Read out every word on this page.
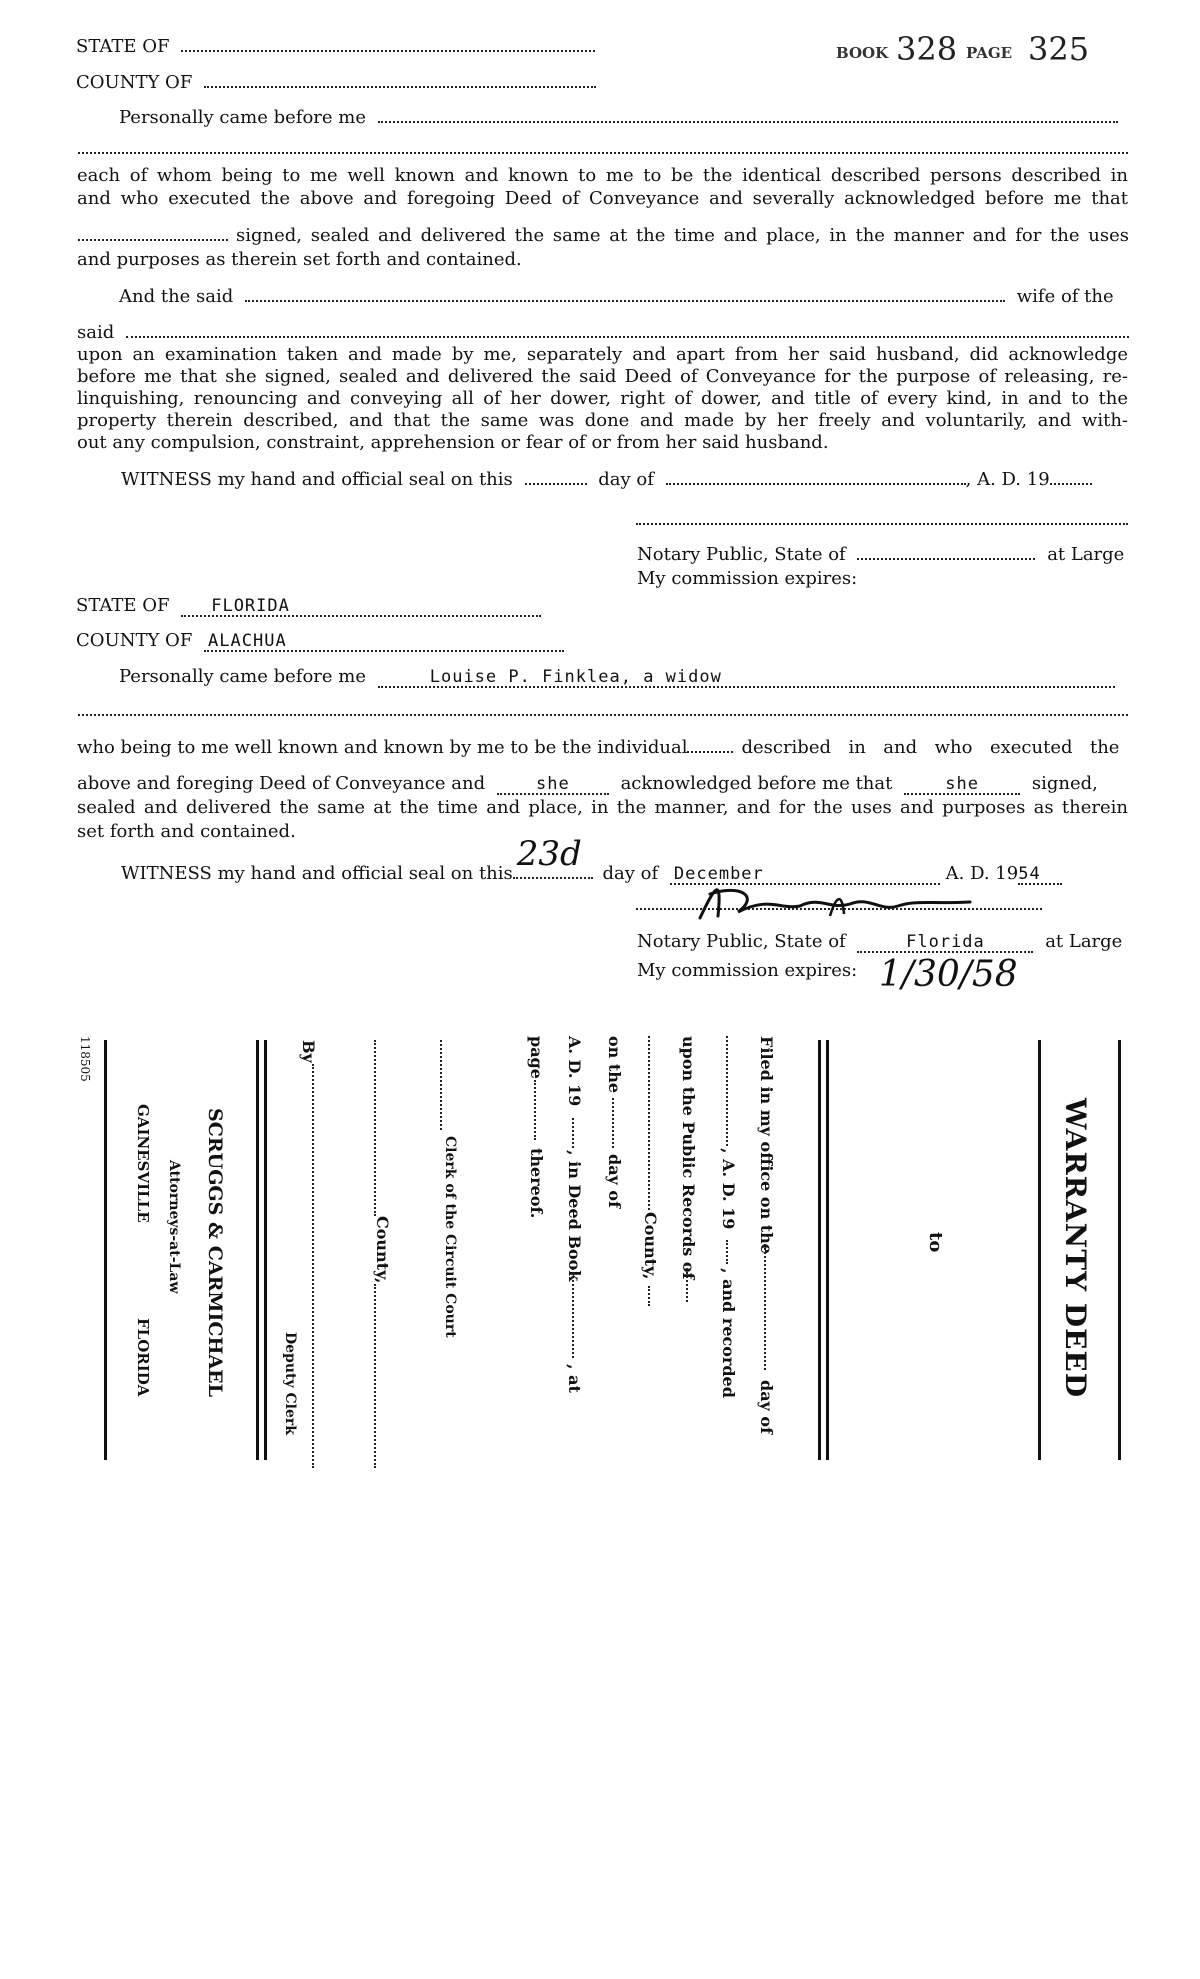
BOOK 328 PAGE 325
STATE OF
COUNTY OF
Personally came before me
each of whom being to me well known and known to me to be the identical described persons described in
and who executed the above and foregoing Deed of Conveyance and severally acknowledged before me that
signed, sealed and delivered the same at the time and place, in the manner and for the uses
and purposes as therein set forth and contained.
And the said	wife of the
said
upon an examination taken and made by me, separately and apart from her said husband, did acknowledge
before me that she signed, sealed and delivered the said Deed of Conveyance for the purpose of releasing, re-
linquishing, renouncing and conveying all of her dower, right of dower, and title of every kind, in and to the
property therein described, and that the same was done and made by her freely and voluntarily, and with-
out any compulsion, constraint, apprehension or fear of or from her said husband.
WITNESS my hand and official seal on this	day of	, A. D. 19
Notary Public, State of	at Large
My commission expires:
STATE OF FLORIDA
COUNTY OF ALACHUA
Personally came before me	Louise P. Finklea, a widow
who being to me well known and known by me to be the individual	described in and who executed the
above and foreging Deed of Conveyance and	she	acknowledged before me that	she	signed,
sealed and delivered the same at the time and place, in the manner, and for the uses and purposes as therein
set forth and contained.
WITNESS my hand and official seal on this 23d day of December	A. D. 1954
Notary Public, State of	Florida	at Large
My commission expires: 1/30/58
118505
GAINESVILLE
FLORIDA
Attorneys-at-Law SCRUGGS & CARMICHAEL	Deputy Clerk
By
County,	Clerk of the Circuit Court
page
thereof.
A. D. 19
, in Deed Book
, at
on the
day of
County, upon the Public Records of , A. D. 19
, and recorded
Filed in my office on the
day of
to	WARRANTY DEED
